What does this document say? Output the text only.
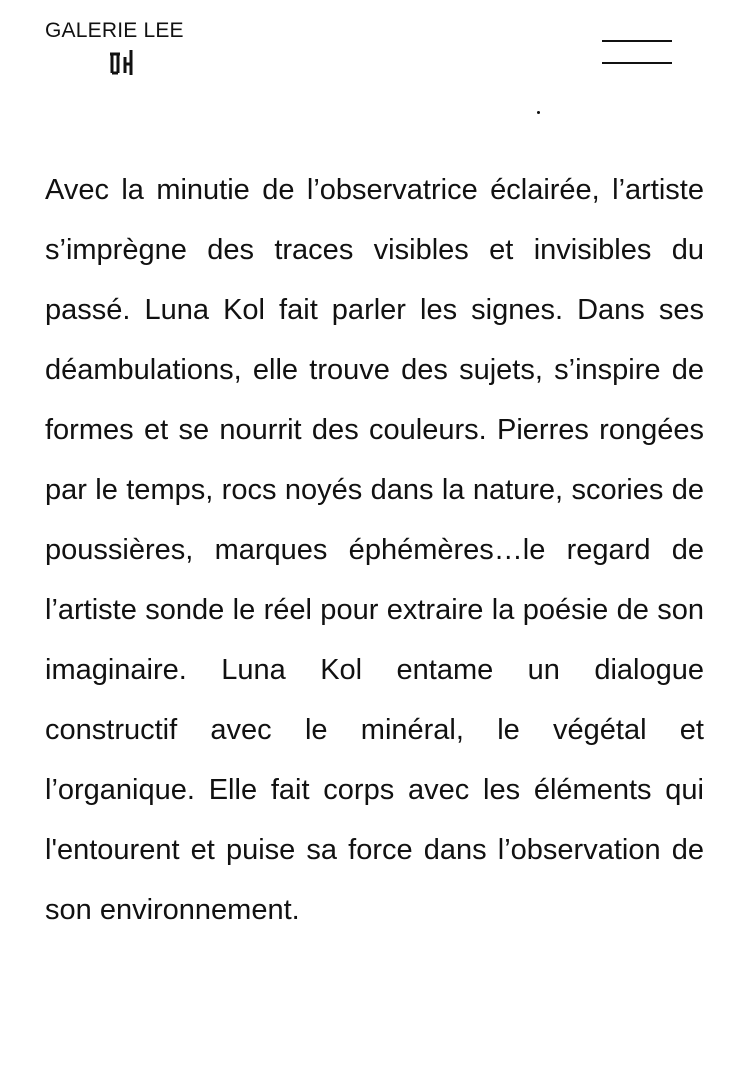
GALERIE LEE

Avec la minutie de l’observatrice éclairée, l’artiste s’imprègne des traces visibles et invisibles du passé. Luna Kol fait parler les signes. Dans ses déambulations, elle trouve des sujets, s’inspire de formes et se nourrit des couleurs. Pierres rongées par le temps, rocs noyés dans la nature, scories de poussières, marques éphémères…le regard de l’artiste sonde le réel pour extraire la poésie de son imaginaire. Luna Kol entame un dialogue constructif avec le minéral, le végétal et l’organique. Elle fait corps avec les éléments qui l'entourent et puise sa force dans l’observation de son environnement.
